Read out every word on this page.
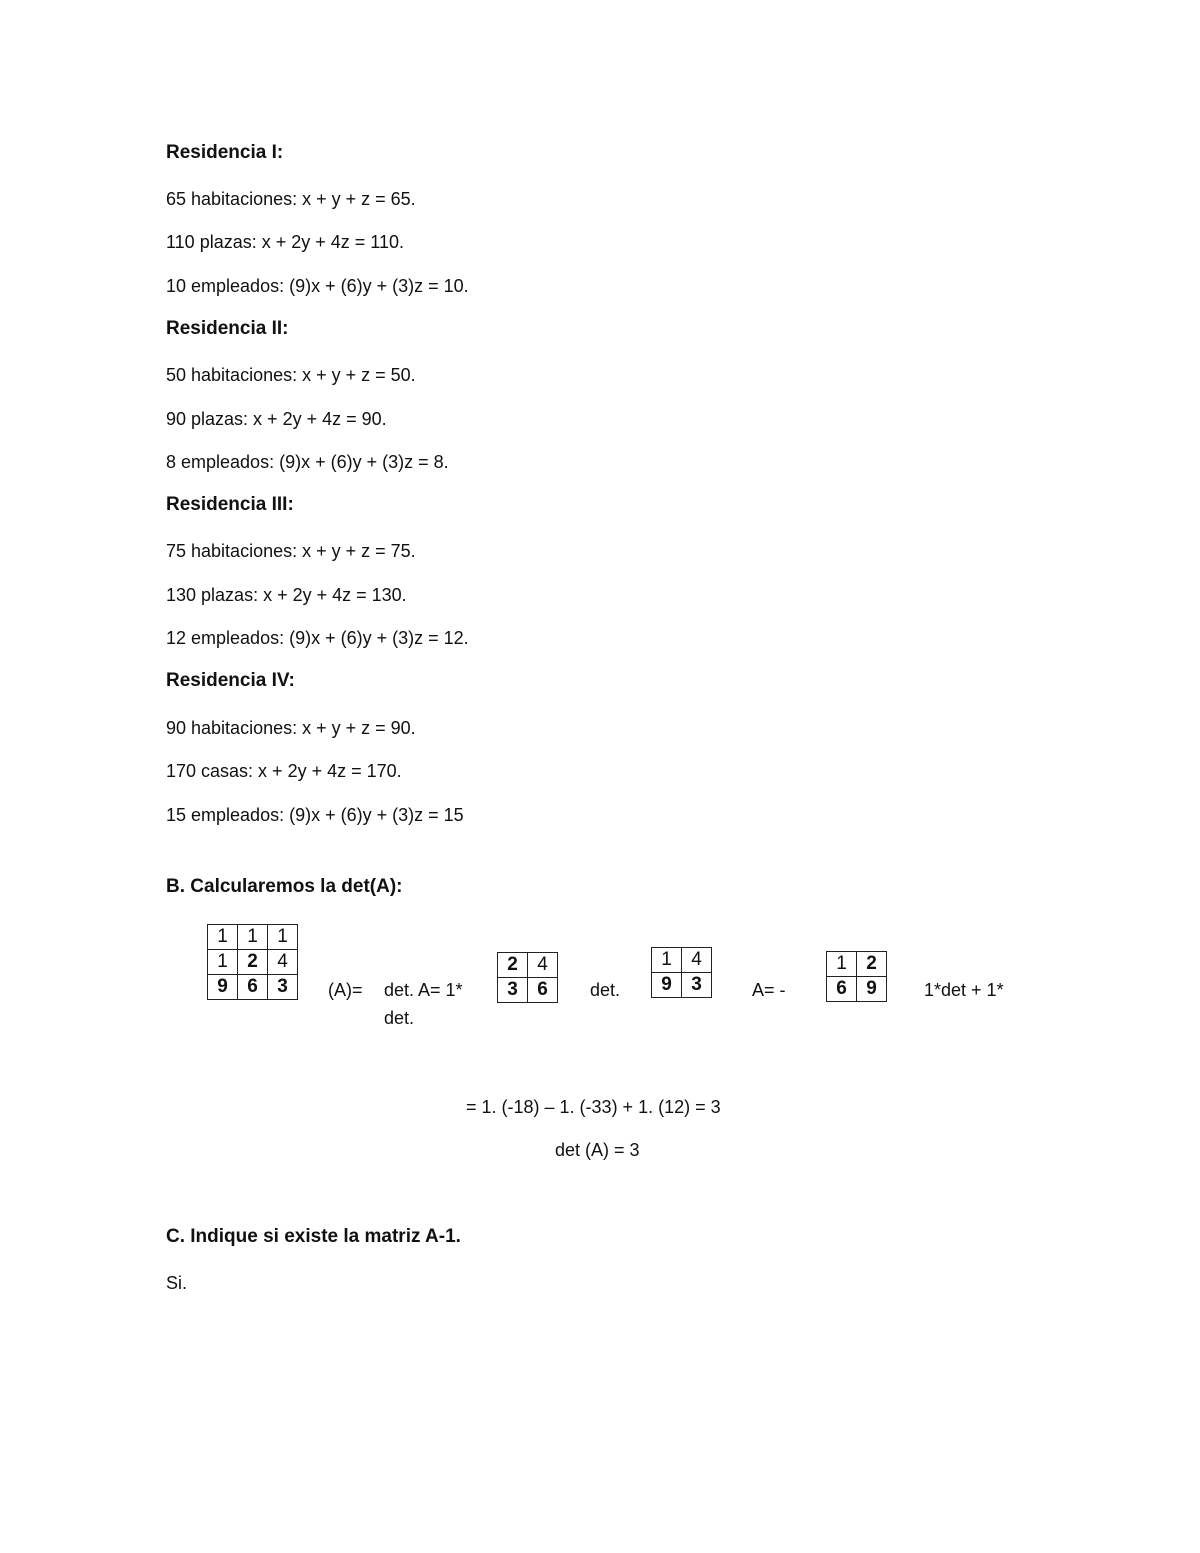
Residencia I:
65 habitaciones: x + y + z = 65.
110 plazas: x + 2y + 4z = 110.
10 empleados: (9)x + (6)y + (3)z = 10.
Residencia II:
50 habitaciones: x + y + z = 50.
90 plazas: x + 2y + 4z = 90.
8 empleados: (9)x + (6)y + (3)z = 8.
Residencia III:
75 habitaciones: x + y + z = 75.
130 plazas: x + 2y + 4z = 130.
12 empleados: (9)x + (6)y + (3)z = 12.
Residencia IV:
90 habitaciones: x + y + z = 90.
170 casas: x + 2y + 4z = 170.
15 empleados: (9)x + (6)y + (3)z = 15
B. Calcularemos la det(A):
1	1	1
1	2	4
9	6	3 (A)= det. A= 1*
det.
2	4
3	6 det.
1	4
9	3	A= -
1	2
6	9	1*det + 1*
= 1. (-18) – 1. (-33) + 1. (12) = 3
det (A) = 3
C. Indique si existe la matriz A-1.
Si.
